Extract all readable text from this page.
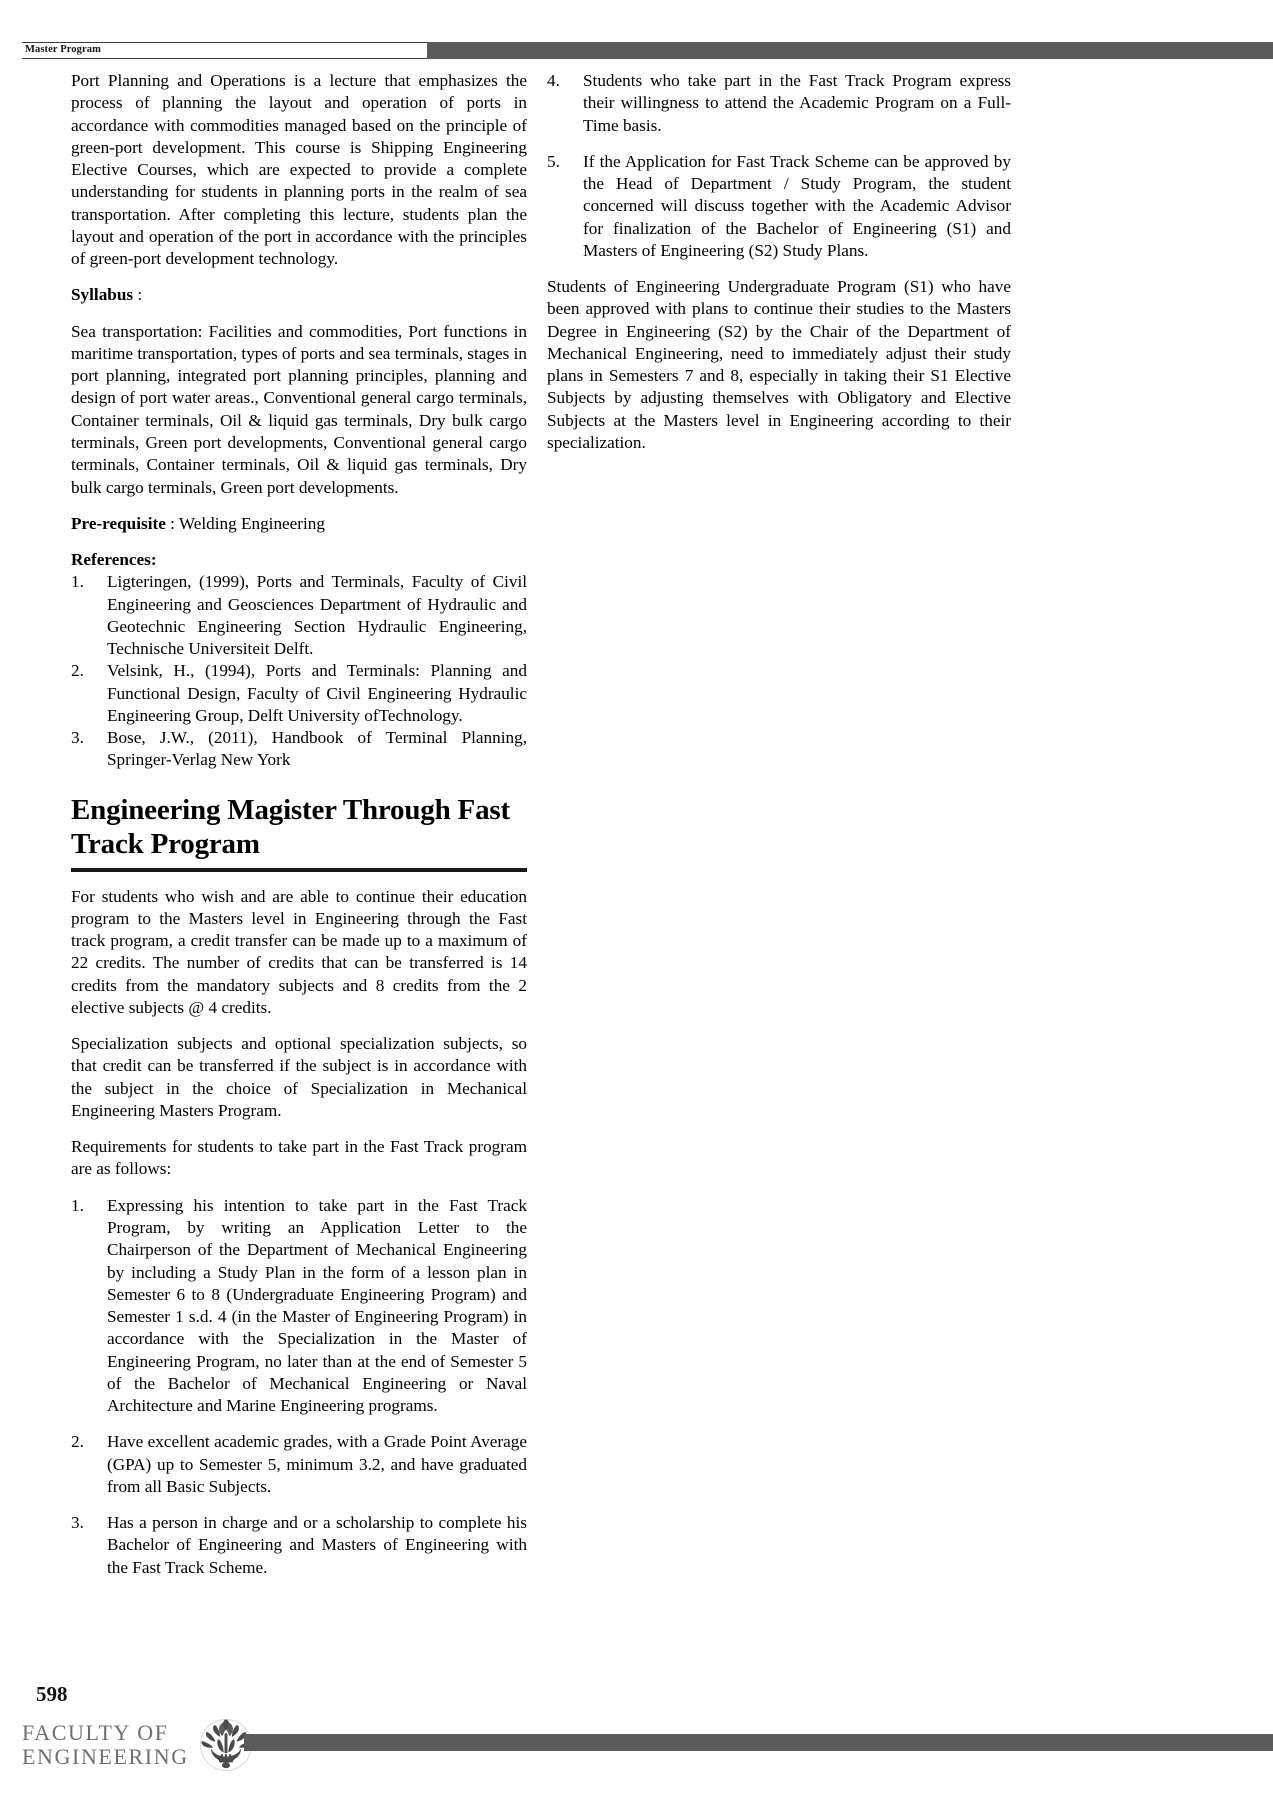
Master Program

Port Planning and Operations is a lecture that emphasizes the process of planning the layout and operation of ports in accordance with commodities managed based on the principle of green-port development. This course is Shipping Engineering Elective Courses, which are expected to provide a complete understanding for students in planning ports in the realm of sea transportation. After completing this lecture, students plan the layout and operation of the port in accordance with the principles of green-port development technology.

Syllabus :

Sea transportation: Facilities and commodities, Port functions in maritime transportation, types of ports and sea terminals, stages in port planning, integrated port planning principles, planning and design of port water areas., Conventional general cargo terminals, Container terminals, Oil & liquid gas terminals, Dry bulk cargo terminals, Green port developments, Conventional general cargo terminals, Container terminals, Oil & liquid gas terminals, Dry bulk cargo terminals, Green port developments.

Pre-requisite : Welding Engineering

References:

1.	Ligteringen, (1999), Ports and Terminals, Faculty of Civil Engineering and Geosciences Department of Hydraulic and Geotechnic Engineering Section Hydraulic Engineering, Technische Universiteit Delft.
2.	Velsink, H., (1994), Ports and Terminals: Planning and Functional Design, Faculty of Civil Engineering Hydraulic Engineering Group, Delft University ofTechnology.
3.	Bose, J.W., (2011), Handbook of Terminal Planning, Springer-Verlag New York
Engineering Magister Through Fast Track Program

For students who wish and are able to continue their education program to the Masters level in Engineering through the Fast track program, a credit transfer can be made up to a maximum of 22 credits. The number of credits that can be transferred is 14 credits from the mandatory subjects and 8 credits from the 2 elective subjects @ 4 credits.

Specialization subjects and optional specialization subjects, so that credit can be transferred if the subject is in accordance with the subject in the choice of Specialization in Mechanical Engineering Masters Program.

Requirements for students to take part in the Fast Track program are as follows:

1.	Expressing his intention to take part in the Fast Track Program, by writing an Application Letter to the Chairperson of the Department of Mechanical Engineering by including a Study Plan in the form of a lesson plan in Semester 6 to 8 (Undergraduate Engineering Program) and Semester 1 s.d. 4 (in the Master of Engineering Program) in accordance with the Specialization in the Master of Engineering Program, no later than at the end of Semester 5 of the Bachelor of Mechanical Engineering or Naval Architecture and Marine Engineering programs.
2.	Have excellent academic grades, with a Grade Point Average (GPA) up to Semester 5, minimum 3.2, and have graduated from all Basic Subjects.
3.	Has a person in charge and or a scholarship to complete his Bachelor of Engineering and Masters of Engineering with the Fast Track Scheme.
4.	Students who take part in the Fast Track Program express their willingness to attend the Academic Program on a Full-Time basis.
5.	If the Application for Fast Track Scheme can be approved by the Head of Department / Study Program, the student concerned will discuss together with the Academic Advisor for finalization of the Bachelor of Engineering (S1) and Masters of Engineering (S2) Study Plans.

Students of Engineering Undergraduate Program (S1) who have been approved with plans to continue their studies to the Masters Degree in Engineering (S2) by the Chair of the Department of Mechanical Engineering, need to immediately adjust their study plans in Semesters 7 and 8, especially in taking their S1 Elective Subjects by adjusting themselves with Obligatory and Elective Subjects at the Masters level in Engineering according to their specialization.

598
FACULTY OF
ENGINEERING
